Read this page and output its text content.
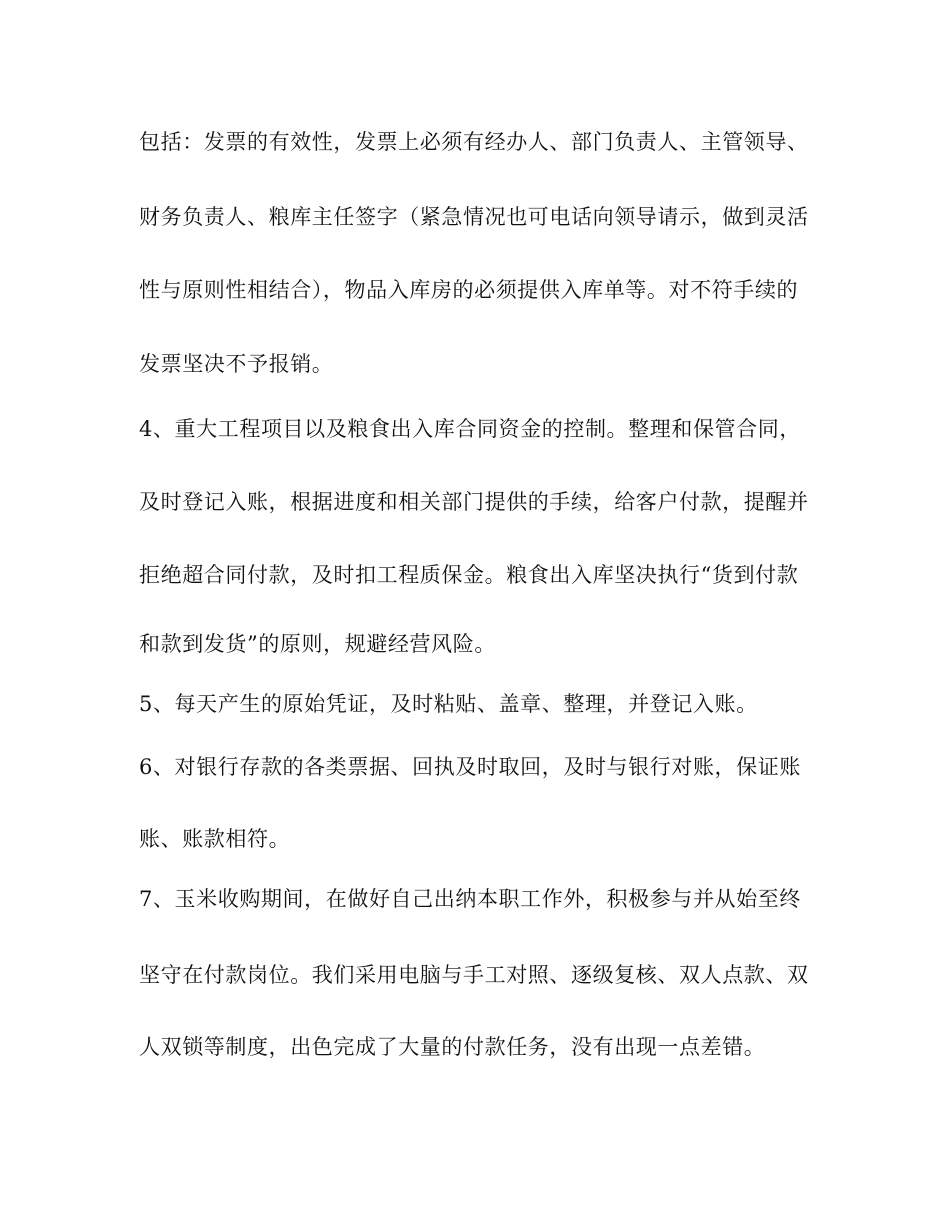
包括：发票的有效性，发票上必须有经办人、部门负责人、主管领导、
财务负责人、粮库主任签字（紧急情况也可电话向领导请示，做到灵活
性与原则性相结合），物品入库房的必须提供入库单等。对不符手续的
发票坚决不予报销。
4、重大工程项目以及粮食出入库合同资金的控制。整理和保管合同，
及时登记入账，根据进度和相关部门提供的手续，给客户付款，提醒并
拒绝超合同付款，及时扣工程质保金。粮食出入库坚决执行“货到付款
和款到发货”的原则，规避经营风险。
5、每天产生的原始凭证，及时粘贴、盖章、整理，并登记入账。
6、对银行存款的各类票据、回执及时取回，及时与银行对账，保证账
账、账款相符。
7、玉米收购期间，在做好自己出纳本职工作外，积极参与并从始至终
坚守在付款岗位。我们采用电脑与手工对照、逐级复核、双人点款、双
人双锁等制度，出色完成了大量的付款任务，没有出现一点差错。
